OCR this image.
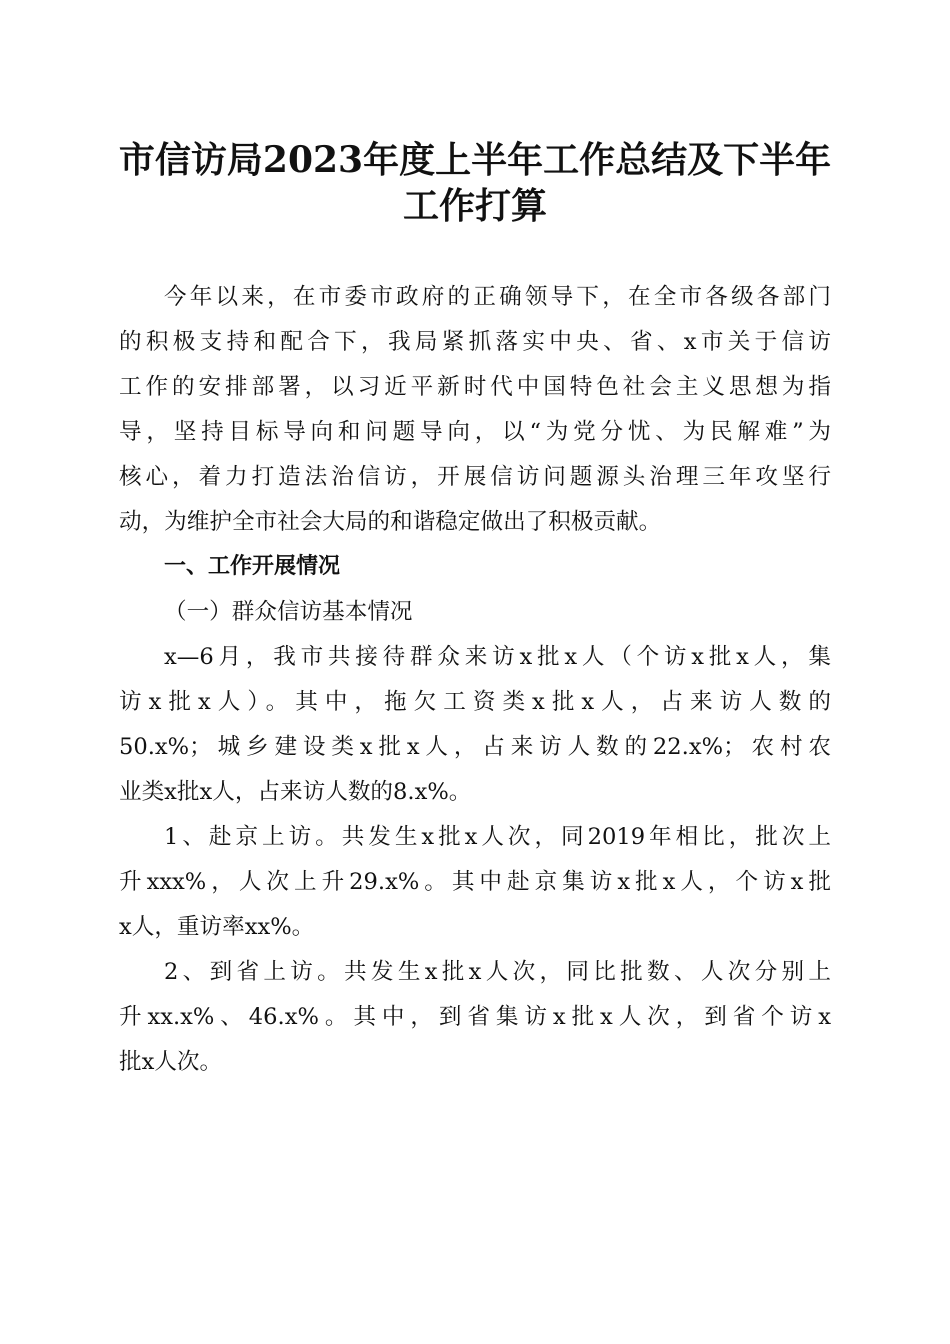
市信访局2023年度上半年工作总结及下半年
工作打算
今年以来，在市委市政府的正确领导下，在全市各级各部门
的积极支持和配合下，我局紧抓落实中央、省、x市关于信访
工作的安排部署，以习近平新时代中国特色社会主义思想为指
导，坚持目标导向和问题导向，以“为党分忧、为民解难”为
核心，着力打造法治信访，开展信访问题源头治理三年攻坚行
动，为维护全市社会大局的和谐稳定做出了积极贡献。
一、工作开展情况
（一）群众信访基本情况
x—6月，我市共接待群众来访x批x人（个访x批x人，集
访x批x人）。其中，拖欠工资类x批x人，占来访人数的
50.x%；城乡建设类x批x人，占来访人数的22.x%；农村农
业类x批x人，占来访人数的8.x%。
1、赴京上访。共发生x批x人次，同2019年相比，批次上
升xxx%，人次上升29.x%。其中赴京集访x批x人，个访x批
x人，重访率xx%。
2、到省上访。共发生x批x人次，同比批数、人次分别上
升xx.x%、46.x%。其中，到省集访x批x人次，到省个访x
批x人次。
